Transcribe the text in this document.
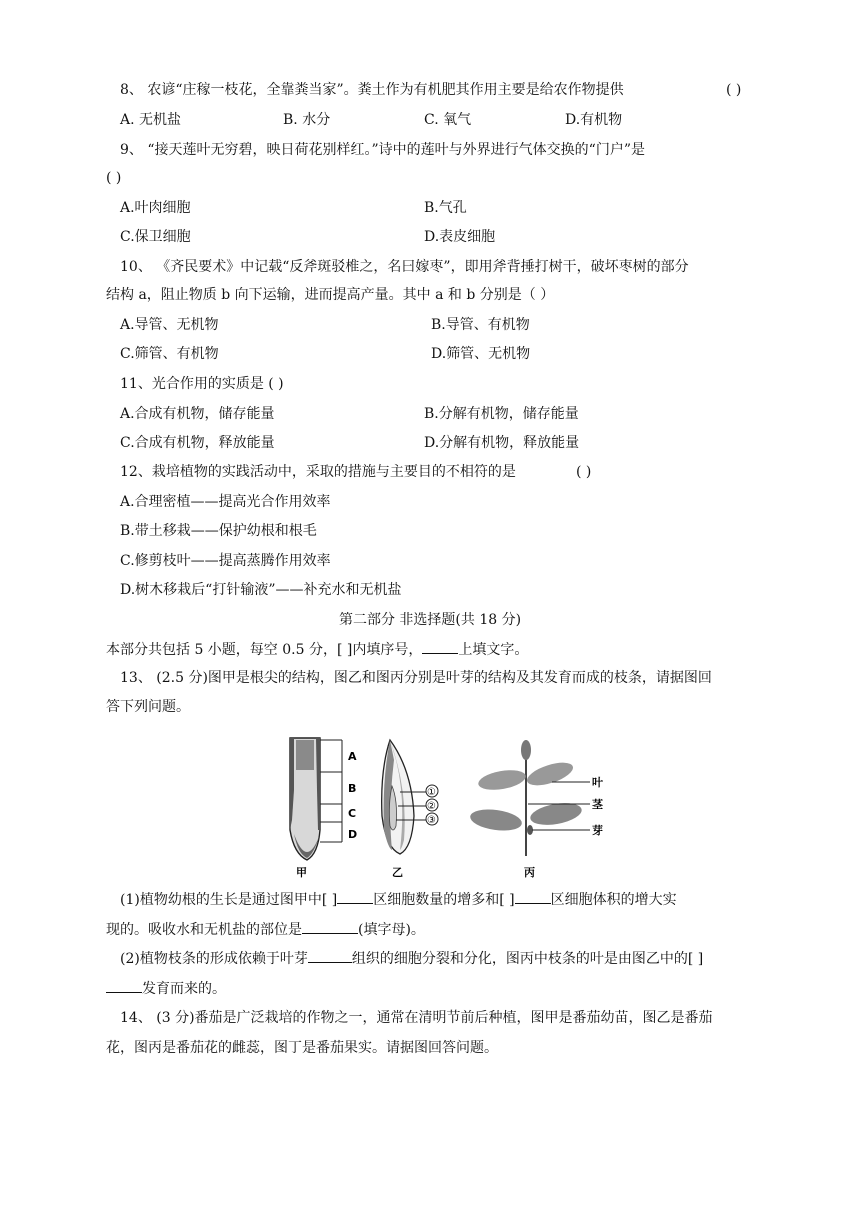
8、 农谚“庄稼一枝花，全靠粪当家”。粪土作为有机肥其作用主要是给农作物提供	( )
A. 无机盐	B. 水分	C. 氧气	D.有机物
9、 “接天莲叶无穷碧，映日荷花别样红。”诗中的莲叶与外界进行气体交换的“门户”是
( )
A.叶肉细胞	B.气孔
C.保卫细胞	D.表皮细胞
10、 《齐民要术》中记载“反斧斑驳椎之，名曰嫁枣”，即用斧背捶打树干，破坏枣树的部分
结构 a，阻止物质 b 向下运输，进而提高产量。其中 a 和 b 分别是（ ）
A.导管、无机物	B.导管、有机物
C.筛管、有机物	D.筛管、无机物
11、光合作用的实质是 ( )
A.合成有机物，储存能量	B.分解有机物，储存能量
C.合成有机物，释放能量	D.分解有机物，释放能量
12、栽培植物的实践活动中，采取的措施与主要目的不相符的是	( )
A.合理密植——提高光合作用效率
B.带土移栽——保护幼根和根毛
C.修剪枝叶——提高蒸腾作用效率
D.树木移栽后“打针输液”——补充水和无机盐
第二部分 非选择题(共 18 分)
本部分共包括 5 小题，每空 0.5 分，[ ]内填序号，	上填文字。
13、 (2.5 分)图甲是根尖的结构，图乙和图丙分别是叶芽的结构及其发育而成的枝条，请据图回
答下列问题。
A
B
C
D
甲
①
②
③
乙
叶
茎
芽
丙
(1)植物幼根的生长是通过图甲中[ ]	区细胞数量的增多和[ ]	区细胞体积的增大实
现的。吸收水和无机盐的部位是	(填字母)。
(2)植物枝条的形成依赖于叶芽	组织的细胞分裂和分化，图丙中枝条的叶是由图乙中的[ ]
发育而来的。
14、 (3 分)番茄是广泛栽培的作物之一，通常在清明节前后种植，图甲是番茄幼苗，图乙是番茄
花，图丙是番茄花的雌蕊，图丁是番茄果实。请据图回答问题。
